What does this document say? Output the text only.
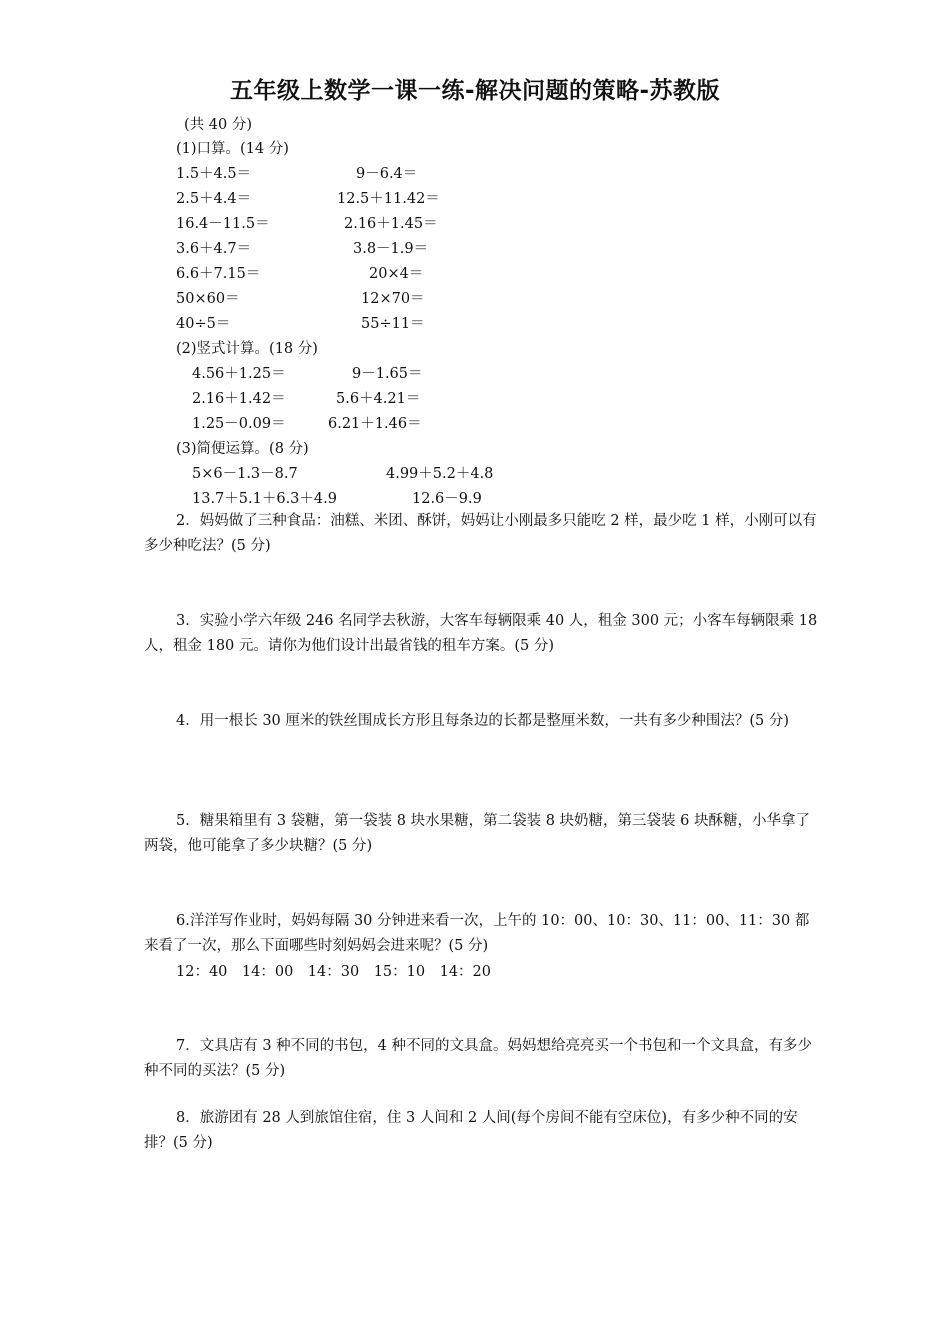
五年级上数学一课一练-解决问题的策略-苏教版
(共 40 分)
(1)口算。(14 分)
1.5＋4.5＝	9－6.4＝
2.5＋4.4＝	12.5＋11.42＝
16.4－11.5＝	2.16＋1.45＝
3.6＋4.7＝	3.8－1.9＝
6.6＋7.15＝	20×4＝
50×60＝	12×70＝
40÷5＝	55÷11＝
(2)竖式计算。(18 分)
4.56＋1.25＝	9－1.65＝
2.16＋1.42＝	5.6＋4.21＝
1.25－0.09＝	6.21＋1.46＝
(3)简便运算。(8 分)
5×6－1.3－8.7	4.99＋5.2＋4.8
13.7＋5.1＋6.3＋4.9	12.6－9.9
2．妈妈做了三种食品：油糕、米团、酥饼，妈妈让小刚最多只能吃 2 样，最少吃 1 样，小刚可以有多少种吃法？(5 分)
3．实验小学六年级 246 名同学去秋游，大客车每辆限乘 40 人，租金 300 元；小客车每辆限乘 18 人，租金 180 元。请你为他们设计出最省钱的租车方案。(5 分)
4．用一根长 30 厘米的铁丝围成长方形且每条边的长都是整厘米数，一共有多少种围法？(5 分)
5．糖果箱里有 3 袋糖，第一袋装 8 块水果糖，第二袋装 8 块奶糖，第三袋装 6 块酥糖，小华拿了两袋，他可能拿了多少块糖？(5 分)
6.洋洋写作业时，妈妈每隔 30 分钟进来看一次，上午的 10：00、10：30、11：00、11：30 都来看了一次，那么下面哪些时刻妈妈会进来呢？(5 分)
12：40　14：00　14：30　15：10　14：20
7．文具店有 3 种不同的书包，4 种不同的文具盒。妈妈想给亮亮买一个书包和一个文具盒，有多少种不同的买法？(5 分)
8．旅游团有 28 人到旅馆住宿，住 3 人间和 2 人间(每个房间不能有空床位)，有多少种不同的安排？(5 分)
